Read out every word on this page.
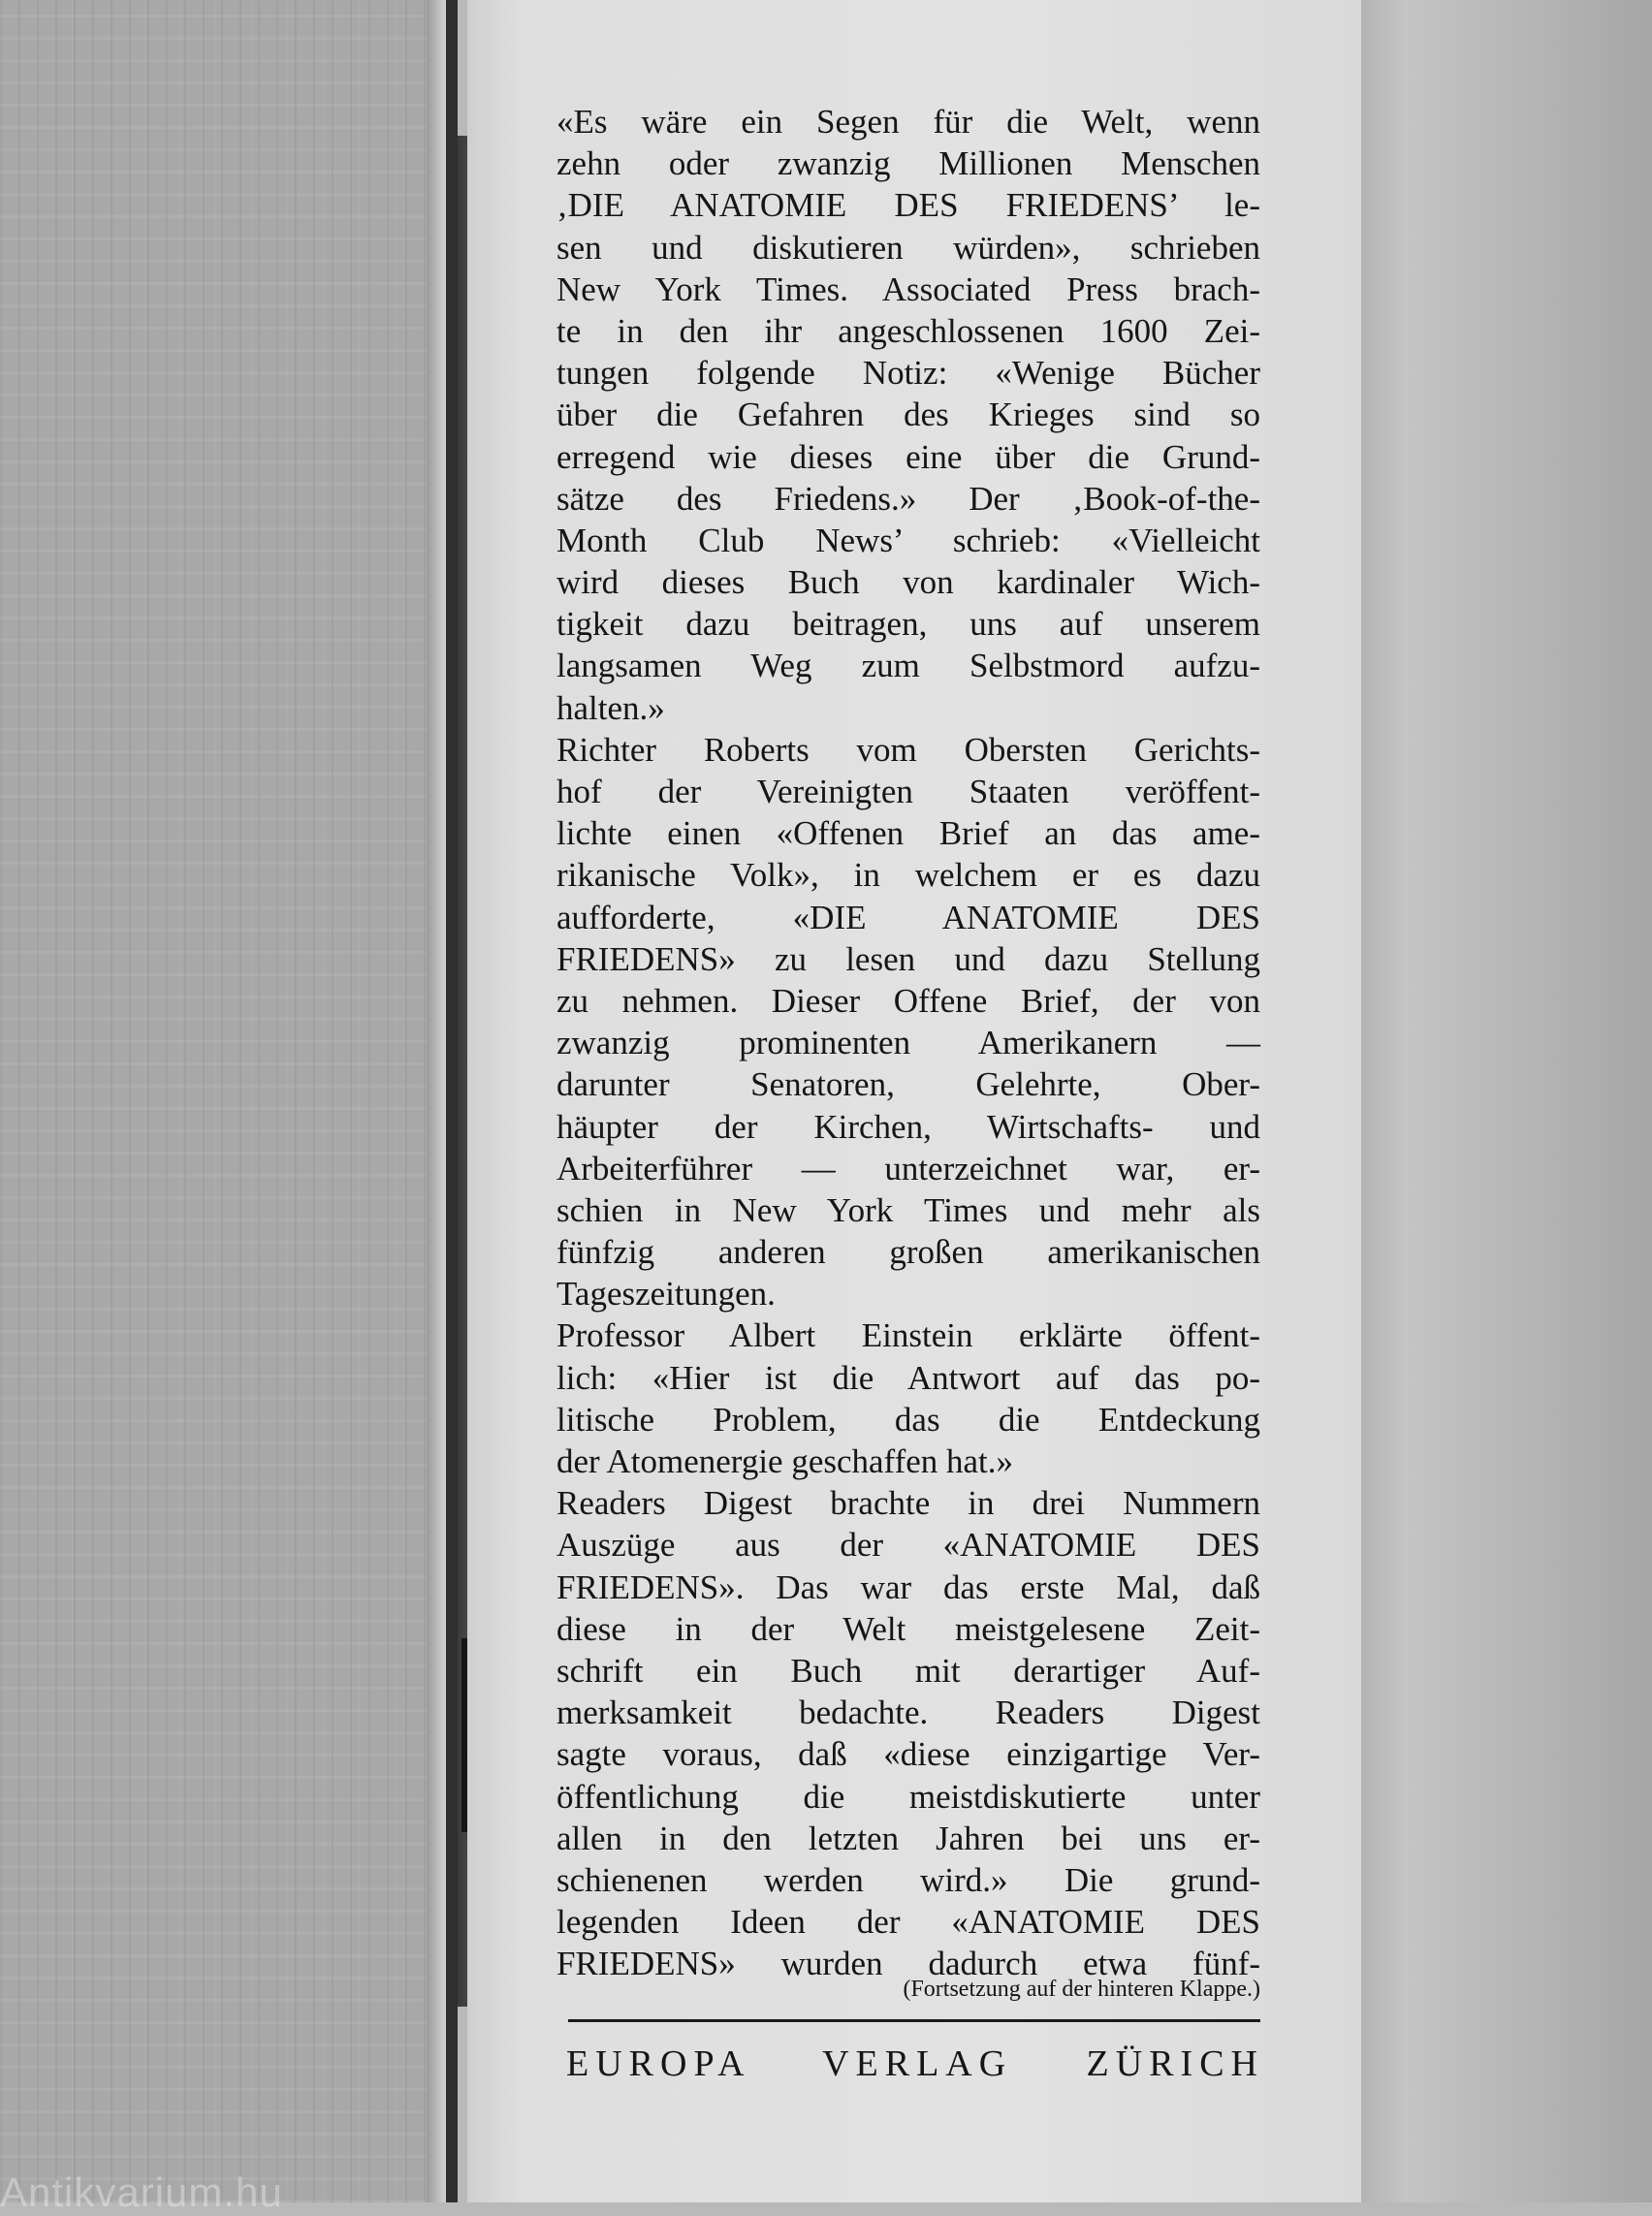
«Es wäre ein Segen für die Welt, wenn
zehn oder zwanzig Millionen Menschen
‚DIE ANATOMIE DES FRIEDENS’ le-
sen und diskutieren würden», schrieben
New York Times. Associated Press brach-
te in den ihr angeschlossenen 1600 Zei-
tungen folgende Notiz: «Wenige Bücher
über die Gefahren des Krieges sind so
erregend wie dieses eine über die Grund-
sätze des Friedens.» Der ‚Book-of-the-
Month Club News’ schrieb: «Vielleicht
wird dieses Buch von kardinaler Wich-
tigkeit dazu beitragen, uns auf unserem
langsamen Weg zum Selbstmord aufzu-
halten.»
Richter Roberts vom Obersten Gerichts-
hof der Vereinigten Staaten veröffent-
lichte einen «Offenen Brief an das ame-
rikanische Volk», in welchem er es dazu
aufforderte, «DIE ANATOMIE DES
FRIEDENS» zu lesen und dazu Stellung
zu nehmen. Dieser Offene Brief, der von
zwanzig prominenten Amerikanern —
darunter Senatoren, Gelehrte, Ober-
häupter der Kirchen, Wirtschafts- und
Arbeiterführer — unterzeichnet war, er-
schien in New York Times und mehr als
fünfzig anderen großen amerikanischen
Tageszeitungen.
Professor Albert Einstein erklärte öffent-
lich: «Hier ist die Antwort auf das po-
litische Problem, das die Entdeckung
der Atomenergie geschaffen hat.»
Readers Digest brachte in drei Nummern
Auszüge aus der «ANATOMIE DES
FRIEDENS». Das war das erste Mal, daß
diese in der Welt meistgelesene Zeit-
schrift ein Buch mit derartiger Auf-
merksamkeit bedachte. Readers Digest
sagte voraus, daß «diese einzigartige Ver-
öffentlichung die meistdiskutierte unter
allen in den letzten Jahren bei uns er-
schienenen werden wird.» Die grund-
legenden Ideen der «ANATOMIE DES
FRIEDENS» wurden dadurch etwa fünf-
(Fortsetzung auf der hinteren Klappe.)
EUROPA VERLAG ZÜRICH
Antikvarium.hu
